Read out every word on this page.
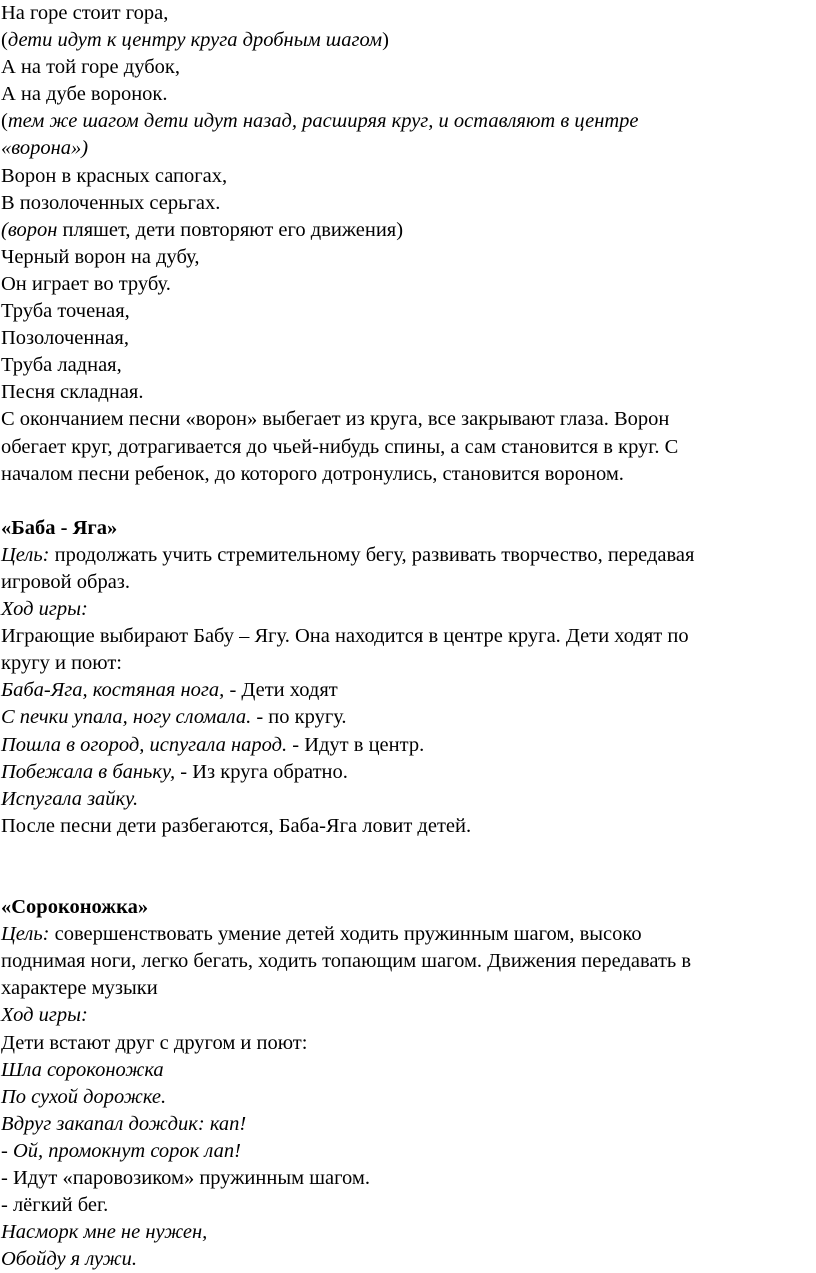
На горе стоит гора,
(дети идут к центру круга дробным шагом)
А на той горе дубок,
А на дубе воронок.
(тем же шагом дети идут назад, расширяя круг, и оставляют в центре
«ворона»)
Ворон в красных сапогах,
В позолоченных серьгах.
(ворон пляшет, дети повторяют его движения)
Черный ворон на дубу,
Он играет во трубу.
Труба точеная,
Позолоченная,
Труба ладная,
Песня складная.
С окончанием песни «ворон» выбегает из круга, все закрывают глаза. Ворон
обегает круг, дотрагивается до чьей-нибудь спины, а сам становится в круг. С
началом песни ребенок, до которого дотронулись, становится вороном.
«Баба - Яга»
Цель: продолжать учить стремительному бегу, развивать творчество, передавая
игровой образ.
Ход игры:
Играющие выбирают Бабу – Ягу. Она находится в центре круга. Дети ходят по
кругу и поют:
Баба-Яга, костяная нога, - Дети ходят
С печки упала, ногу сломала. - по кругу.
Пошла в огород, испугала народ. - Идут в центр.
Побежала в баньку, - Из круга обратно.
Испугала зайку.
После песни дети разбегаются, Баба-Яга ловит детей.
«Сороконожка»
Цель: совершенствовать умение детей ходить пружинным шагом, высоко
поднимая ноги, легко бегать, ходить топающим шагом. Движения передавать в
характере музыки
Ход игры:
Дети встают друг с другом и поют:
Шла сороконожка
По сухой дорожке.
Вдруг закапал дождик: кап!
- Ой, промокнут сорок лап!
- Идут «паровозиком» пружинным шагом.
- лёгкий бег.
Насморк мне не нужен,
Обойду я лужи.
